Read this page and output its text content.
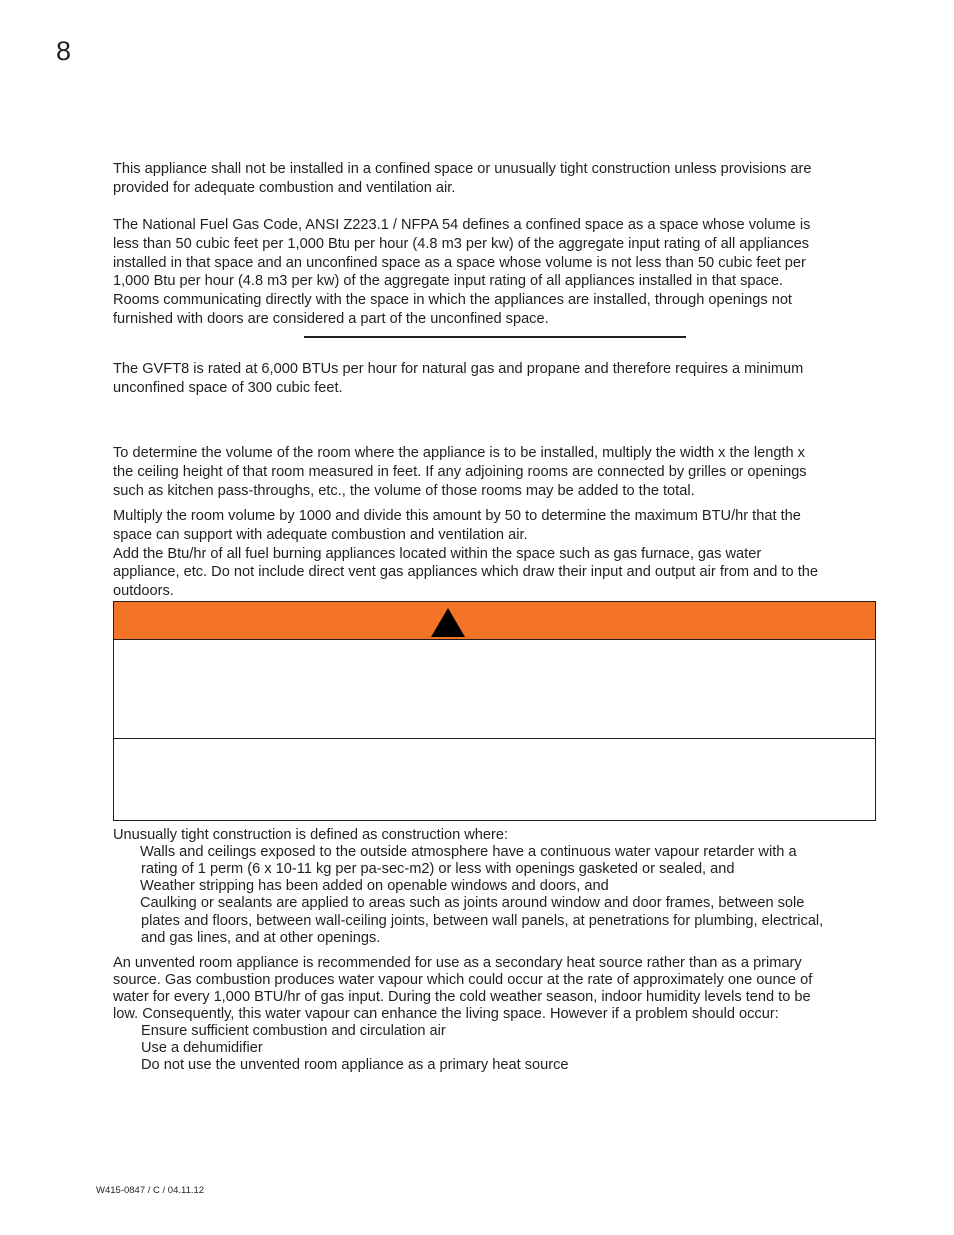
8

This appliance shall not be installed in a confined space or unusually tight construction unless provisions are
provided for adequate combustion and ventilation air.

The National Fuel Gas Code, ANSI Z223.1 / NFPA 54 defines a confined space as a space whose volume is
less than 50 cubic feet per 1,000 Btu per hour (4.8 m3 per kw) of the aggregate input rating of all appliances
installed in that space and an unconfined space as a space whose volume is not less than 50 cubic feet per
1,000 Btu per hour (4.8 m3 per kw) of the aggregate input rating of all appliances installed in that space.
Rooms communicating directly with the space in which the appliances are installed, through openings not
furnished with doors are considered a part of the unconfined space.

The GVFT8 is rated at 6,000 BTUs per hour for natural gas and propane and therefore requires a minimum
unconfined space of 300 cubic feet.

To determine the volume of the room where the appliance is to be installed, multiply the width x the length x
the ceiling height of that room measured in feet. If any adjoining rooms are connected by grilles or openings
such as kitchen pass-throughs, etc., the volume of those rooms may be added to the total.

Multiply the room volume by 1000 and divide this amount by 50 to determine the maximum BTU/hr that the
space can support with adequate combustion and ventilation air.
Add the Btu/hr of all fuel burning appliances located within the space such as gas furnace, gas water
appliance, etc. Do not include direct vent gas appliances which draw their input and output air from and to the
outdoors.

Unusually tight construction is defined as construction where:
Walls and ceilings exposed to the outside atmosphere have a continuous water vapour retarder with a
rating of 1 perm (6 x 10-11 kg per pa-sec-m2) or less with openings gasketed or sealed, and
Weather stripping has been added on openable windows and doors, and
Caulking or sealants are applied to areas such as joints around window and door frames, between sole
plates and floors, between wall-ceiling joints, between wall panels, at penetrations for plumbing, electrical,
and gas lines, and at other openings.
An unvented room appliance is recommended for use as a secondary heat source rather than as a primary
source. Gas combustion produces water vapour which could occur at the rate of approximately one ounce of
water for every 1,000 BTU/hr of gas input. During the cold weather season, indoor humidity levels tend to be
low. Consequently, this water vapour can enhance the living space. However if a problem should occur:
Ensure sufficient combustion and circulation air
Use a dehumidifier
Do not use the unvented room appliance as a primary heat source
W415-0847 / C / 04.11.12
